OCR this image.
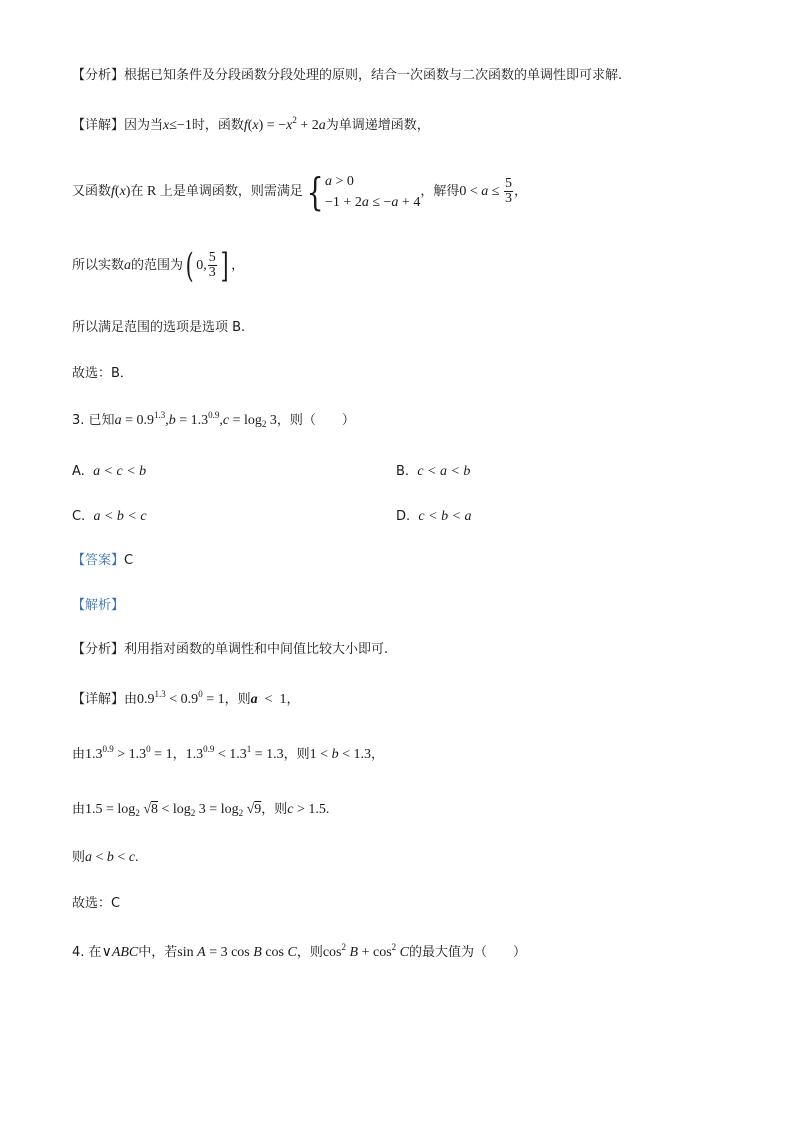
【分析】根据已知条件及分段函数分段处理的原则，结合一次函数与二次函数的单调性即可求解.
【详解】因为当x≤−1时，函数$f(x) = -x^2 + 2a$为单调递增函数，
又函数f(x)在 R 上是单调函数，则需满足{ a > 0
−1 + 2a ≤ −a + 4
，解得$0 < a \le \frac{5}{3}$ ，
所以实数a的范围为( 0, $\frac{5}{3}$ ] ，
所以满足范围的选项是选项 B.
故选：B．
3. 已知$a = 0.9^{1.3},b = 1.3^{0.9},c = \log_2 3$，则（　　）
A. a < c < b	B. c < a < b
C. a < b < c	D. c < b < a
【答案】C
【解析】
【分析】利用指对函数的单调性和中间值比较大小即可.
【详解】由$0.9^{1.3} < 0.9^0 = 1$，则a  <  1，
由$1.3^{0.9} > 1.3^0 = 1$，$1.3^{0.9} < 1.3^1 = 1.3$，则1 < b < 1.3，
由$1.5 = \log_2 √8 < \log_2 3 = \log_2 √9$，则c > 1.5.
则a < b < c.
故选：C
4. 在∨ABC中，若sin A = 3 cos B cos C，则$\cos^2 B + \cos^2 C$的最大值为（　　）
